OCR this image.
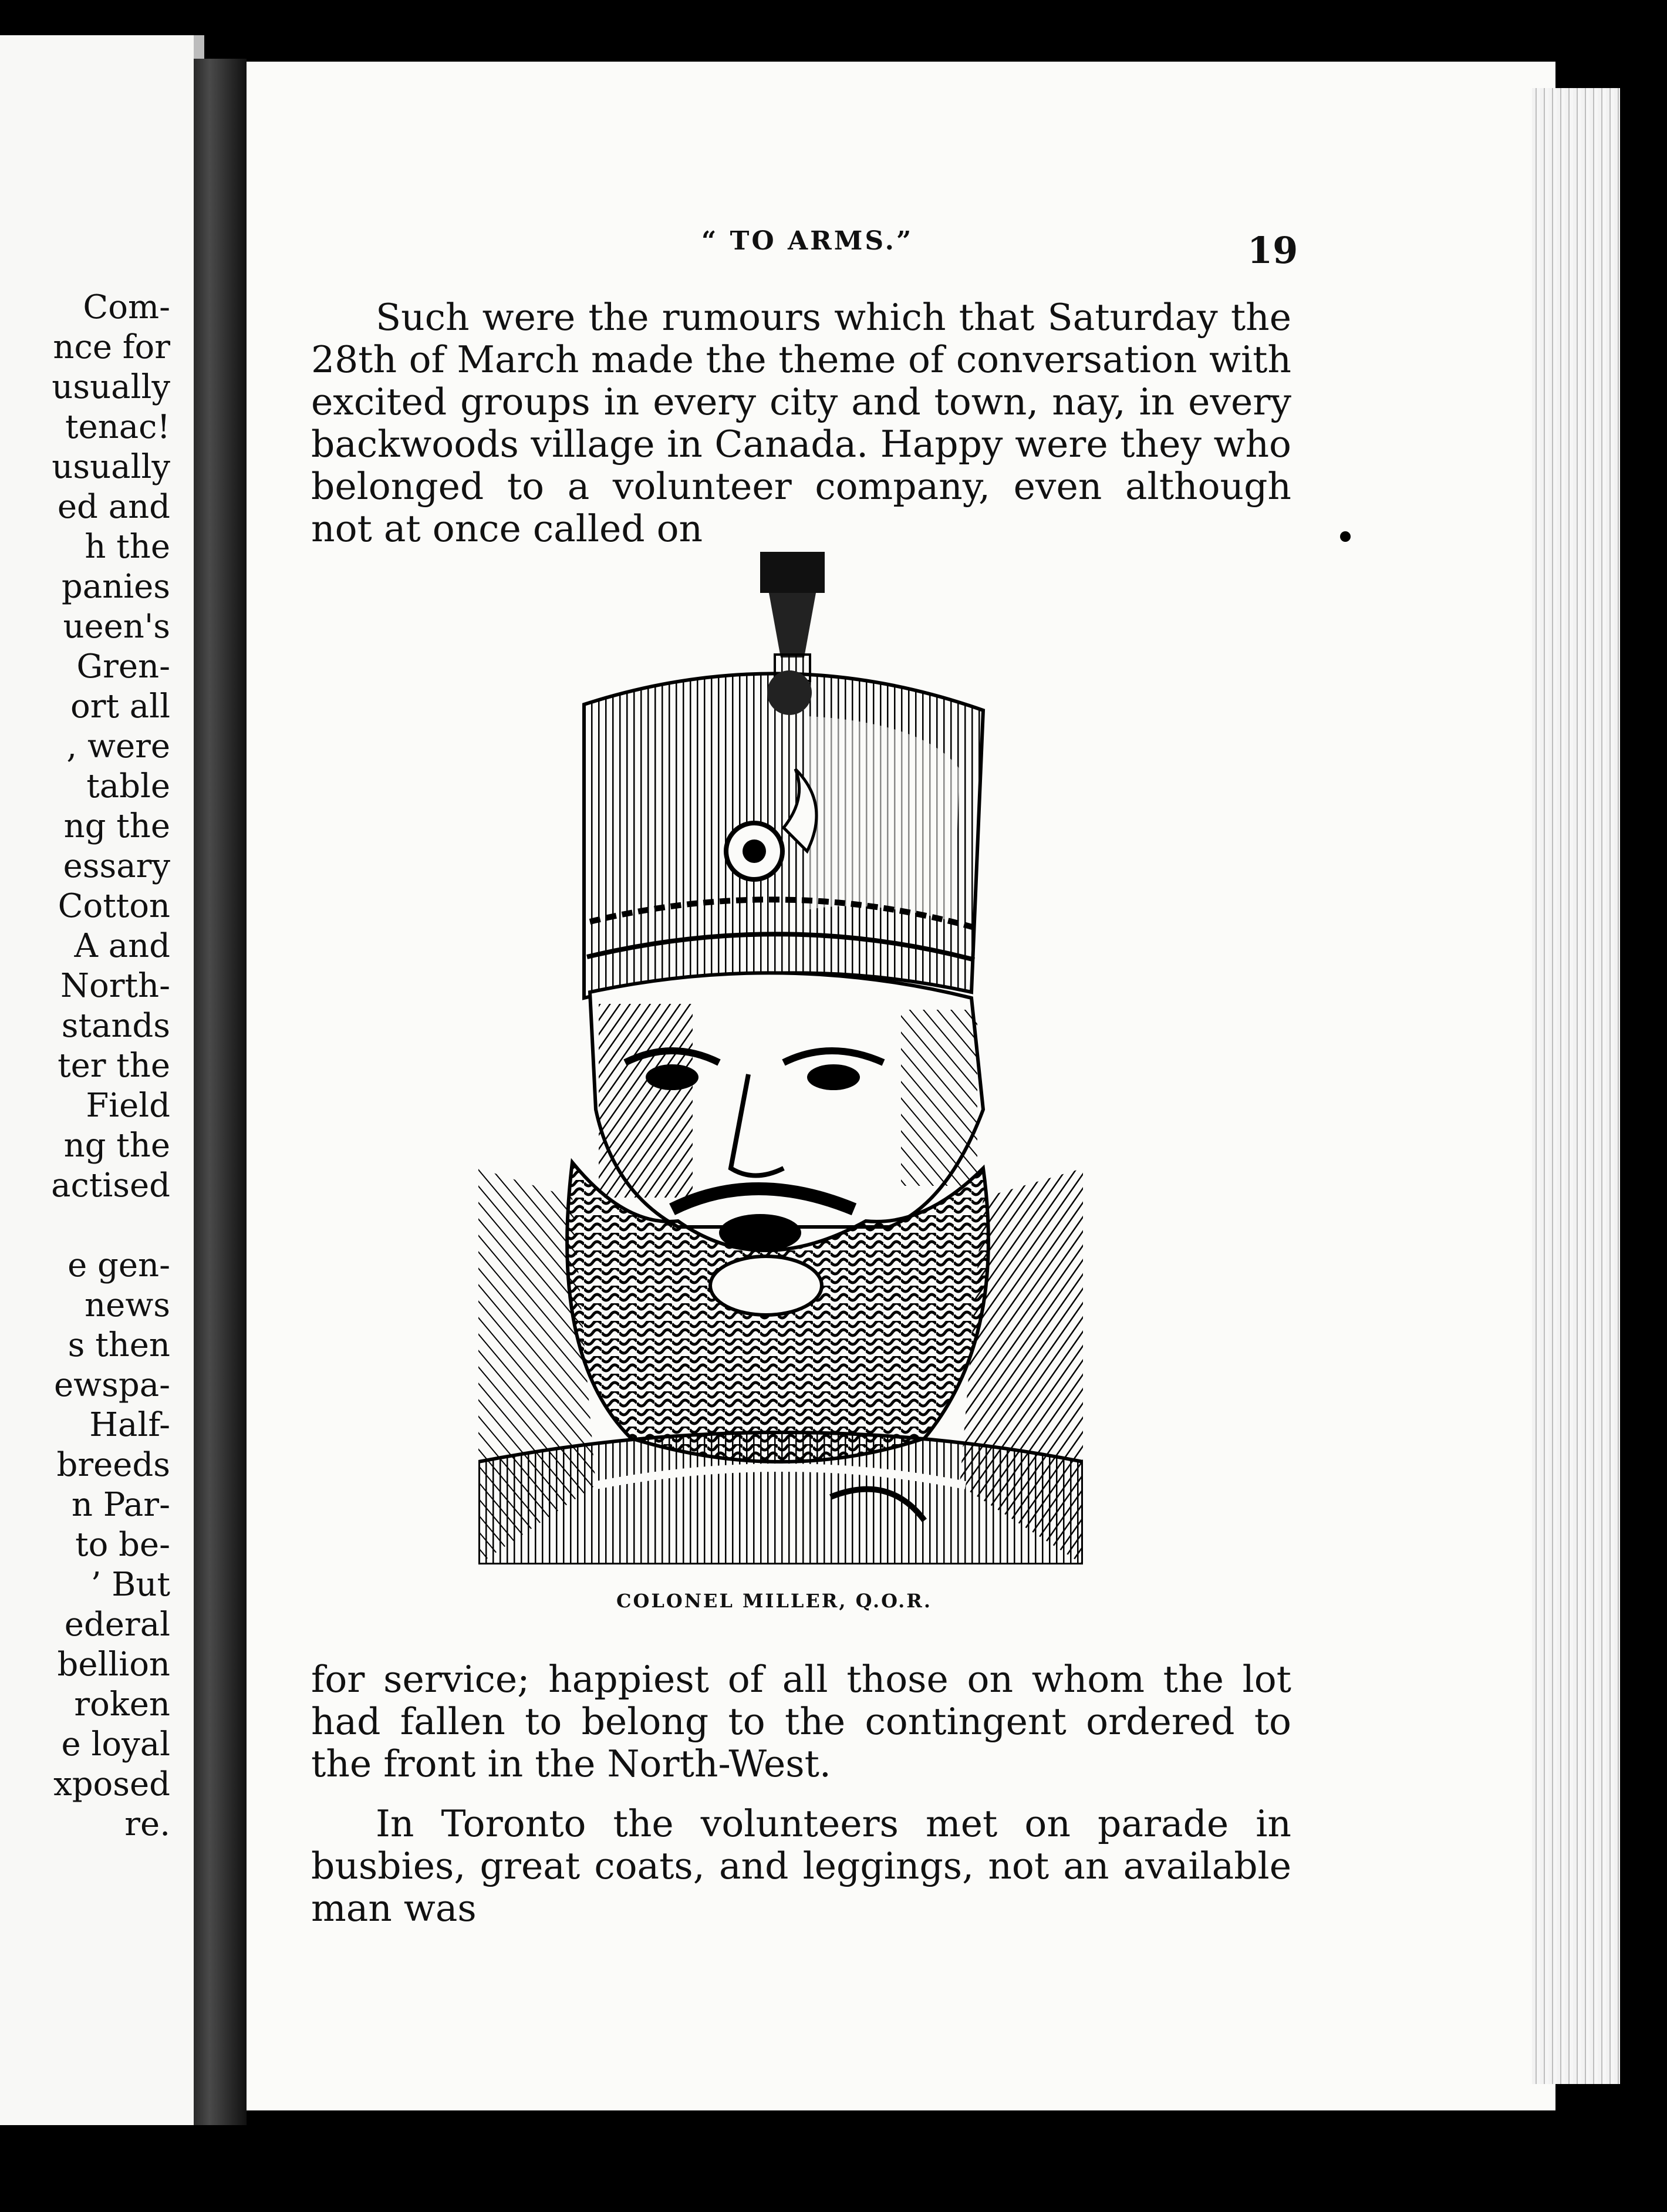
Com-
nce for
usually
tenac!
usually
ed and
h the
panies
ueen's
Gren-
ort all
, were
table
ng the
essary
Cotton
A and
North-
stands
ter the
Field
ng the
actised
e gen-
news
s then
ewspa-
Half-
breeds
n Par-
to be-
’ But
ederal
bellion
roken
e loyal
xposed
re.
“ TO ARMS.”	19

Such were the rumours which that Saturday the 28th of March made the theme of conversation with excited groups in every city and town, nay, in every backwoods village in Canada. Happy were they who belonged to a volunteer company, even although not at once called on

COLONEL MILLER, Q.O.R.

for service; happiest of all those on whom the lot had fallen to belong to the contingent ordered to the front in the North-West.

In Toronto the volunteers met on parade in busbies, great coats, and leggings, not an available man was
